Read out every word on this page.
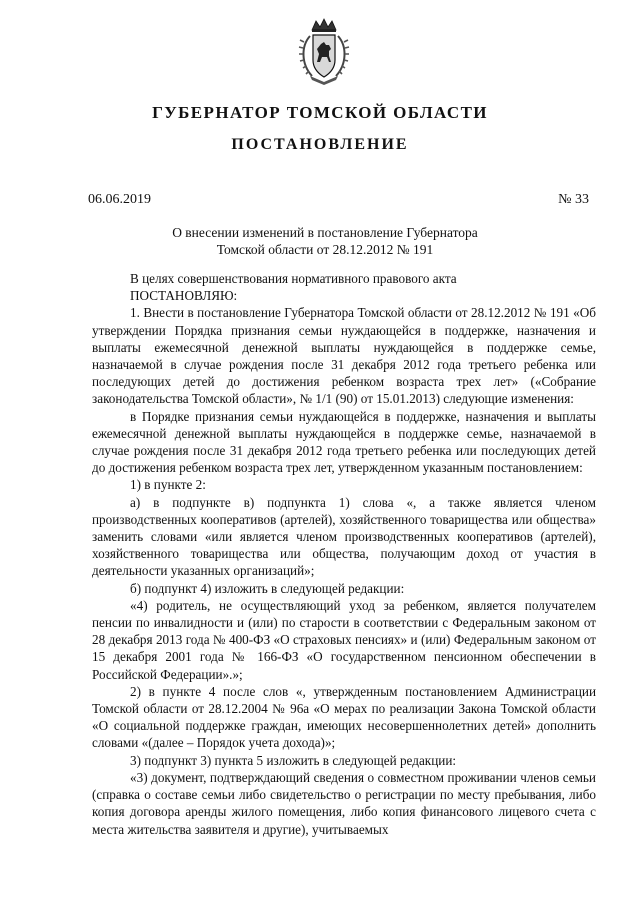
ГУБЕРНАТОР ТОМСКОЙ ОБЛАСТИ
ПОСТАНОВЛЕНИЕ
06.06.2019	№ 33
О внесении изменений в постановление Губернатора
Томской области от 28.12.2012 № 191

В целях совершенствования нормативного правового акта

ПОСТАНОВЛЯЮ:

1. Внести в постановление Губернатора Томской области от 28.12.2012 № 191 «Об утверждении Порядка признания семьи нуждающейся в поддержке, назначения и выплаты ежемесячной денежной выплаты нуждающейся в поддержке семье, назначаемой в случае рождения после 31 декабря 2012 года третьего ребенка или последующих детей до достижения ребенком возраста трех лет» («Собрание законодательства Томской области», № 1/1 (90) от 15.01.2013) следующие изменения:

в Порядке признания семьи нуждающейся в поддержке, назначения и выплаты ежемесячной денежной выплаты нуждающейся в поддержке семье, назначаемой в случае рождения после 31 декабря 2012 года третьего ребенка или последующих детей до достижения ребенком возраста трех лет, утвержденном указанным постановлением:

1) в пункте 2:

а) в подпункте в) подпункта 1) слова «, а также является членом производственных кооперативов (артелей), хозяйственного товарищества или общества» заменить словами «или является членом производственных кооперативов (артелей), хозяйственного товарищества или общества, получающим доход от участия в деятельности указанных организаций»;

б) подпункт 4) изложить в следующей редакции:

«4) родитель, не осуществляющий уход за ребенком, является получателем пенсии по инвалидности и (или) по старости в соответствии с Федеральным законом от 28 декабря 2013 года № 400-ФЗ «О страховых пенсиях» и (или) Федеральным законом от 15 декабря 2001 года № 166-ФЗ «О государственном пенсионном обеспечении в Российской Федерации».»;

2) в пункте 4 после слов «, утвержденным постановлением Администрации Томской области от 28.12.2004 № 96а «О мерах по реализации Закона Томской области «О социальной поддержке граждан, имеющих несовершеннолетних детей» дополнить словами «(далее – Порядок учета дохода)»;

3) подпункт 3) пункта 5 изложить в следующей редакции:

«3) документ, подтверждающий сведения о совместном проживании членов семьи (справка о составе семьи либо свидетельство о регистрации по месту пребывания, либо копия договора аренды жилого помещения, либо копия финансового лицевого счета с места жительства заявителя и другие), учитываемых
